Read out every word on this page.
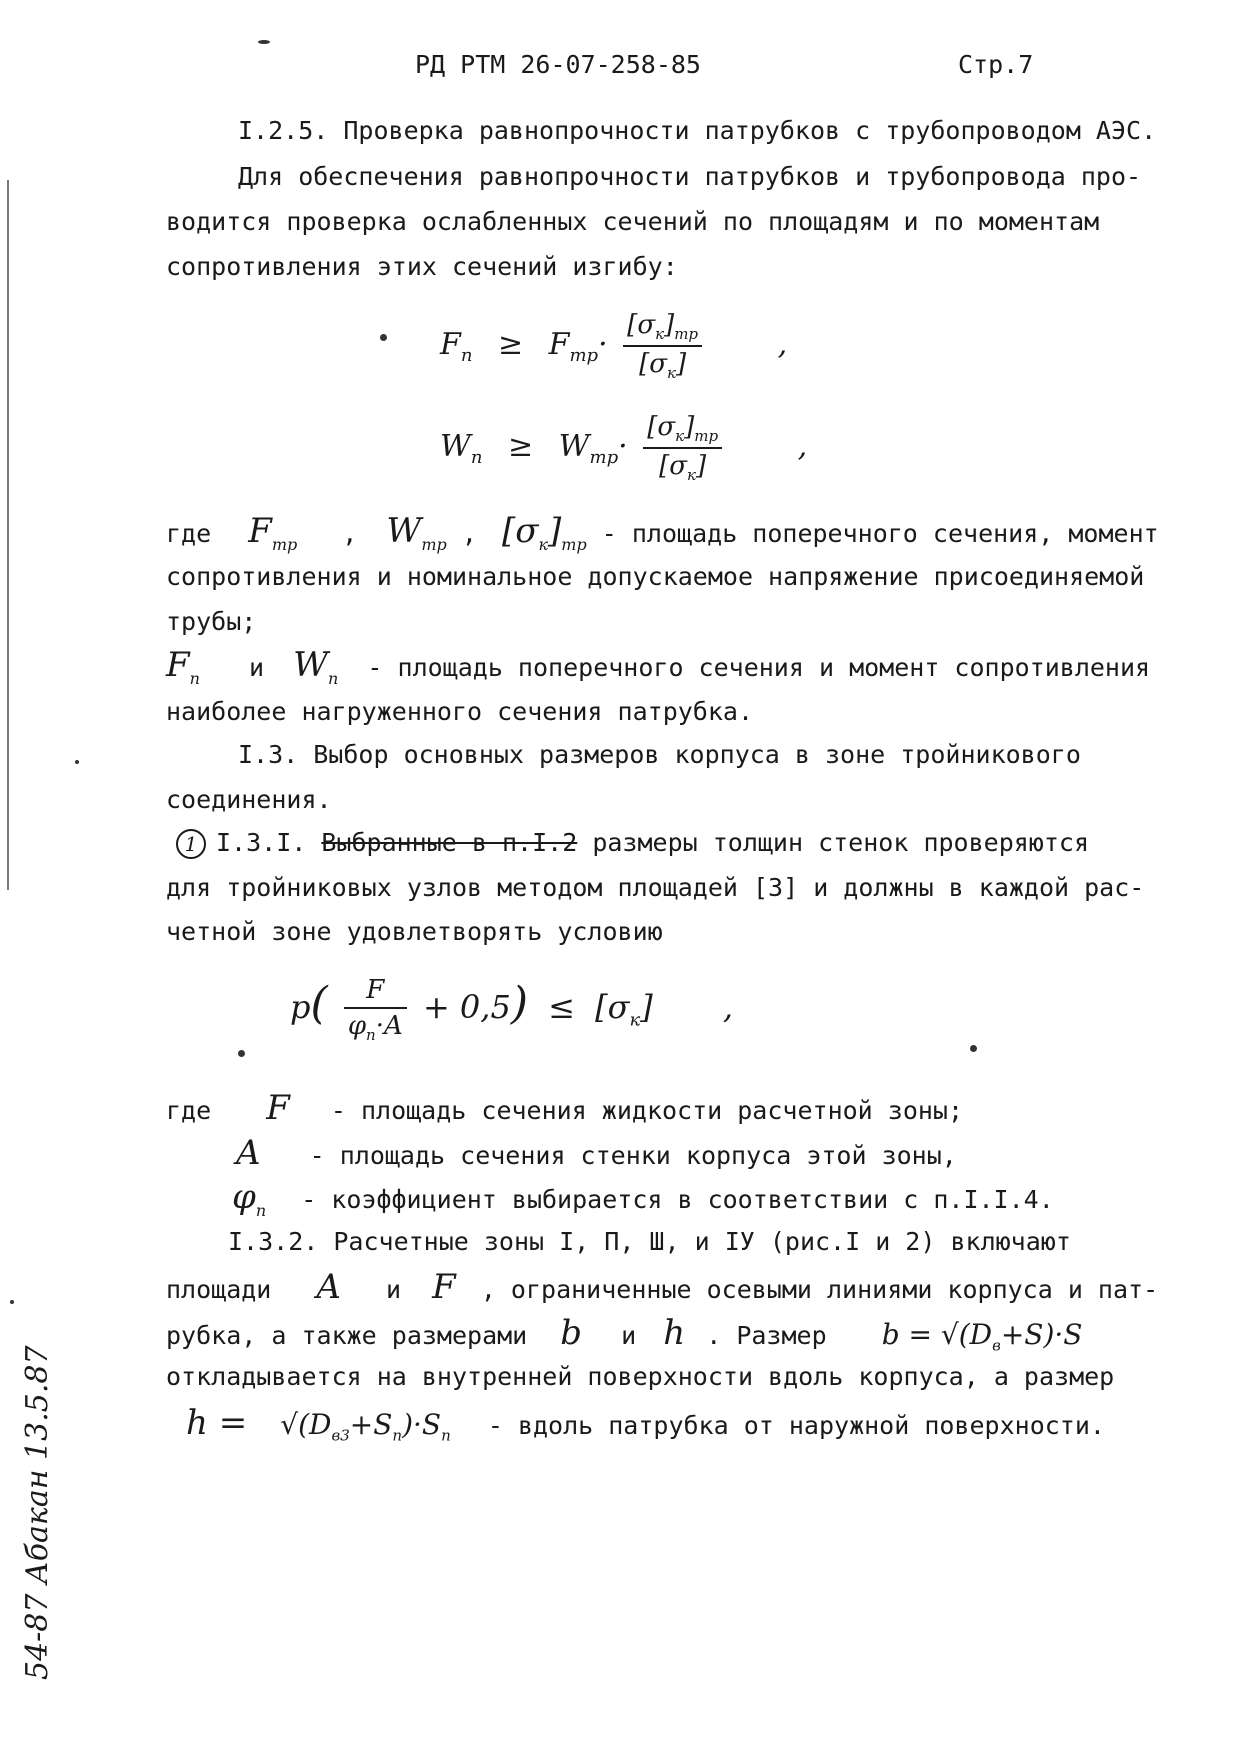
РД РТМ 26-07-258-85	Стр.7
I.2.5. Проверка равнопрочности патрубков с трубопроводом АЭС.
Для обеспечения равнопрочности патрубков и трубопровода про-
водится проверка ослабленных сечений по площадям и по моментам
сопротивления этих сечений изгибу:
$F_n \ge F_{тр}\cdot \frac{[\sigma_к]_{тр}}{[\sigma_к]}$	,
$W_n \ge W_{тр}\cdot \frac{[\sigma_к]_{тр}}{[\sigma_к]}$	,
где $F_{тр}$ , $W_{тр}$ , $[\sigma_к]_{тр}$ - площадь поперечного сечения, момент
сопротивления и номинальное допускаемое напряжение присоединяемой
трубы;
$F_n$ и $W_n$ - площадь поперечного сечения и момент сопротивления
наиболее нагруженного сечения патрубка.
I.3. Выбор основных размеров корпуса в зоне тройникового
соединения.
1 I.3.I. Выбранные в п.I.2 размеры толщин стенок проверяются
для тройниковых узлов методом площадей [3] и должны в каждой рас-
четной зоне удовлетворять условию
$p( \frac{F}{\varphi_n\cdot A} + 0,5) \le [\sigma_к]$ ,
где F - площадь сечения жидкости расчетной зоны;
A - площадь сечения стенки корпуса этой зоны,
$\varphi_n$ - коэффициент выбирается в соответствии с п.I.I.4.
I.3.2. Расчетные зоны I, П, Ш, и IУ (рис.I и 2) включают
площади A и F , ограниченные осевыми линиями корпуса и пат-
рубка, а также размерами b и h . Размер $b = √(D_в+S)\cdot S$
откладывается на внутренней поверхности вдоль корпуса, а размер
$h = √(D_{в3}+S_n)\cdot S_n$ - вдоль патрубка от наружной поверхности.
54-87 Абакан 13.5.87
